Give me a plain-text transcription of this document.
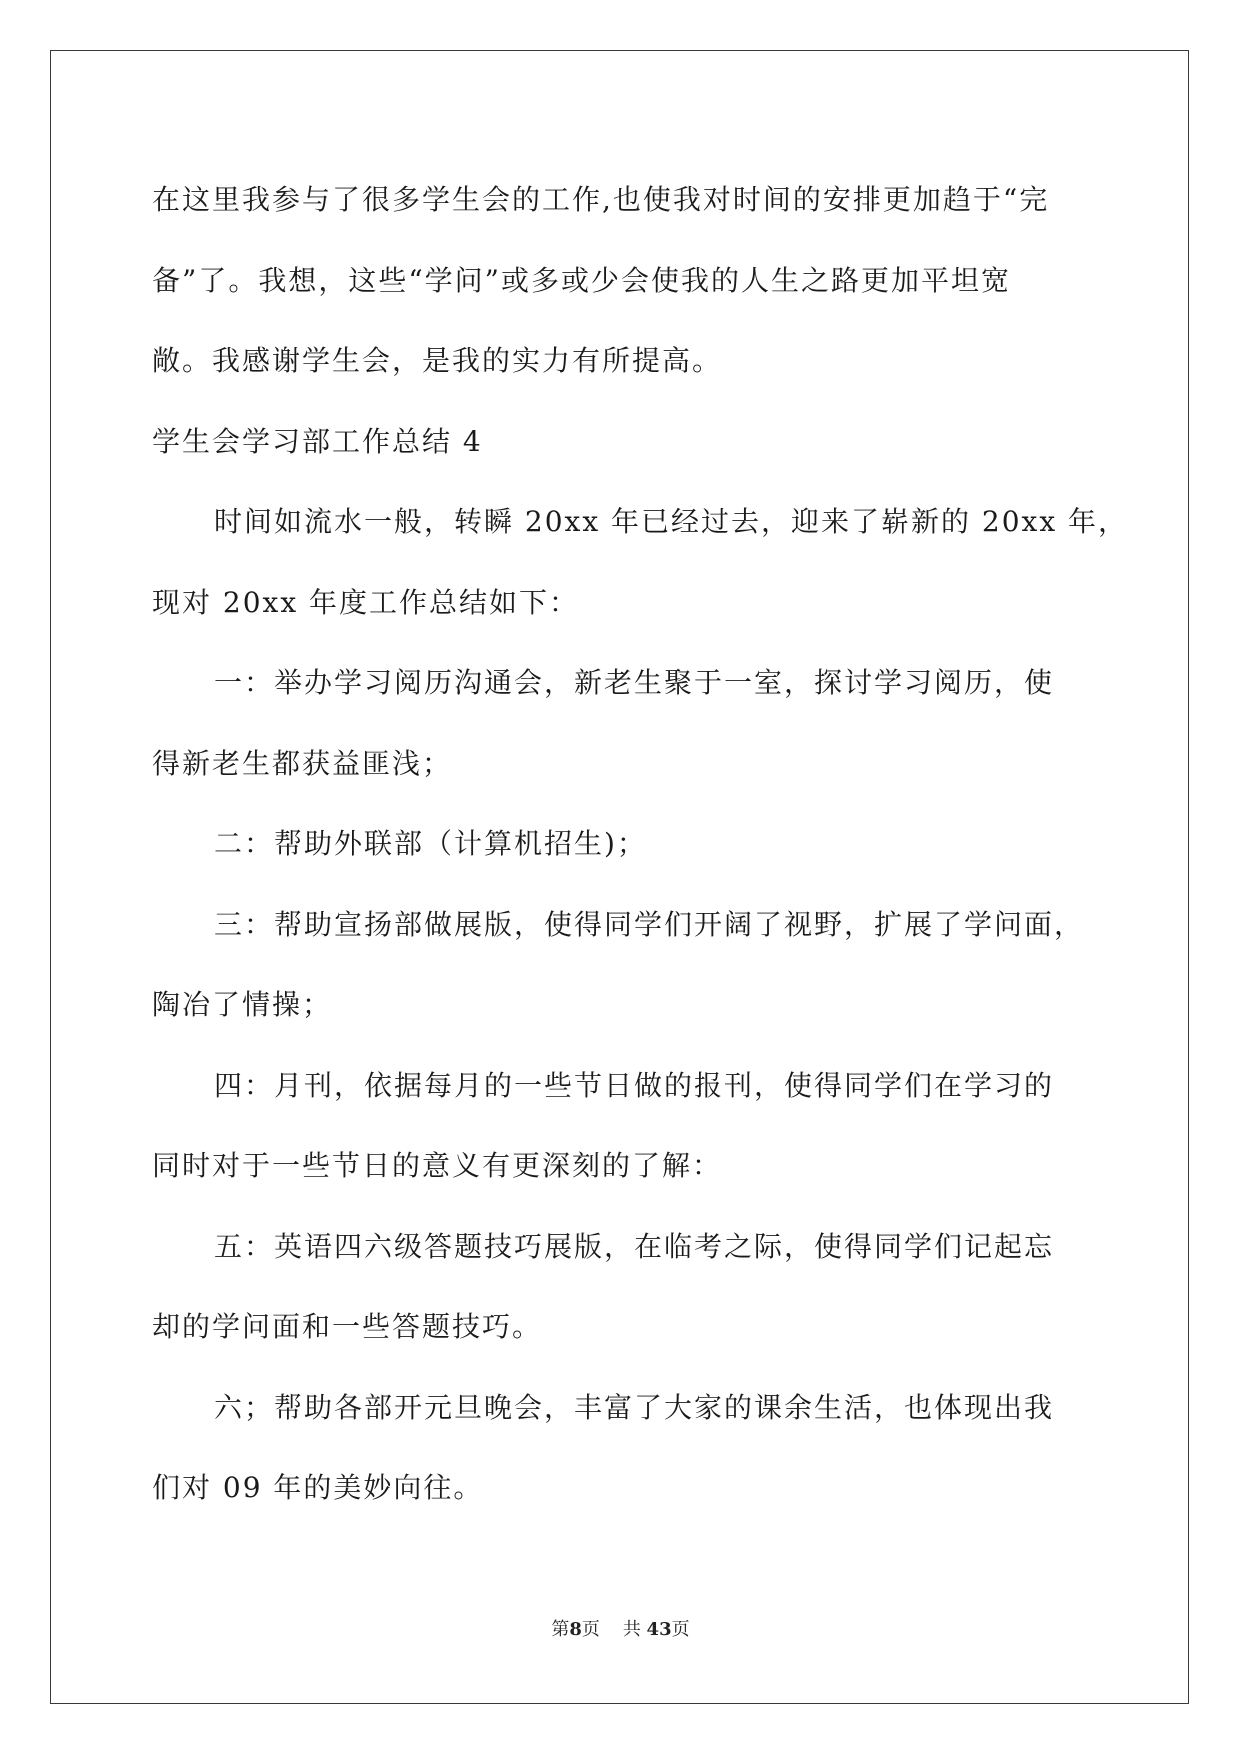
在这里我参与了很多学生会的工作,也使我对时间的安排更加趋于“完
备”了。我想，这些“学问”或多或少会使我的人生之路更加平坦宽
敞。我感谢学生会，是我的实力有所提高。
学生会学习部工作总结 4
时间如流水一般，转瞬 20xx 年已经过去，迎来了崭新的 20xx 年，
现对 20xx 年度工作总结如下：
一：举办学习阅历沟通会，新老生聚于一室，探讨学习阅历，使
得新老生都获益匪浅；
二：帮助外联部（计算机招生)；
三：帮助宣扬部做展版，使得同学们开阔了视野，扩展了学问面，
陶冶了情操；
四：月刊，依据每月的一些节日做的报刊，使得同学们在学习的
同时对于一些节日的意义有更深刻的了解：
五：英语四六级答题技巧展版，在临考之际，使得同学们记起忘
却的学问面和一些答题技巧。
六；帮助各部开元旦晚会，丰富了大家的课余生活，也体现出我
们对 09 年的美妙向往。
第8页 共 43页
